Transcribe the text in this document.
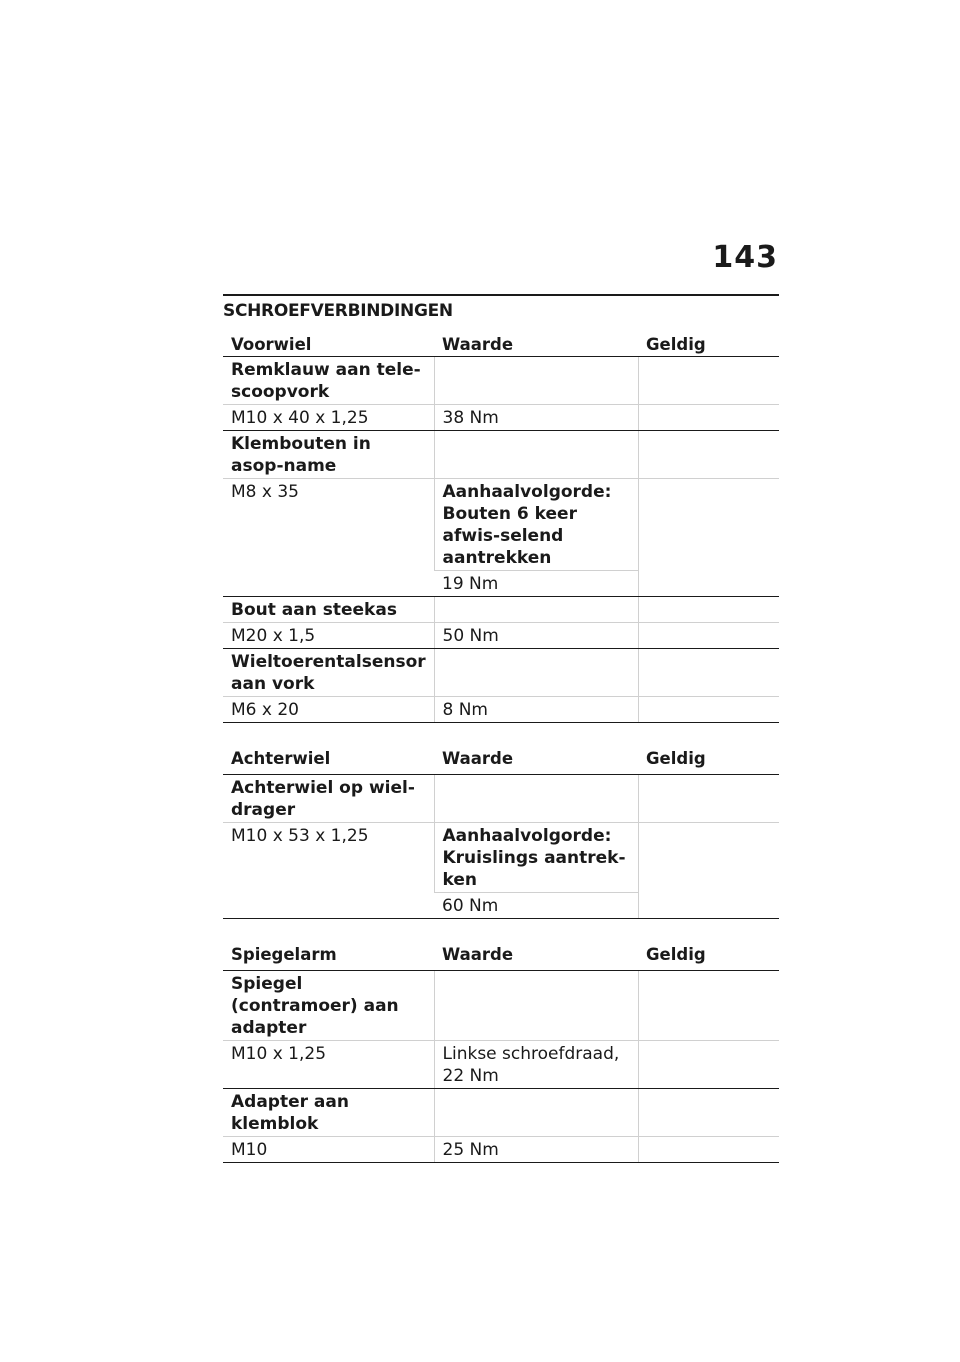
143
SCHROEFVERBINDINGEN
Voorwiel	Waarde	Geldig
Remklauw aan tele-scoopvork		
M10 x 40 x 1,25	38 Nm	
Klembouten in asop-name		
M8 x 35	Aanhaalvolgorde: Bouten 6 keer afwis-selend aantrekken	
	19 Nm	
Bout aan steekas		
M20 x 1,5	50 Nm	
Wieltoerentalsensor aan vork		
M6 x 20	8 Nm	
Achterwiel	Waarde	Geldig
Achterwiel op wiel-drager		
M10 x 53 x 1,25	Aanhaalvolgorde: Kruislings aantrek-ken	
	60 Nm	
Spiegelarm	Waarde	Geldig
Spiegel (contramoer) aan adapter		
M10 x 1,25	Linkse schroefdraad, 22 Nm	
Adapter aan klemblok		
M10	25 Nm	
